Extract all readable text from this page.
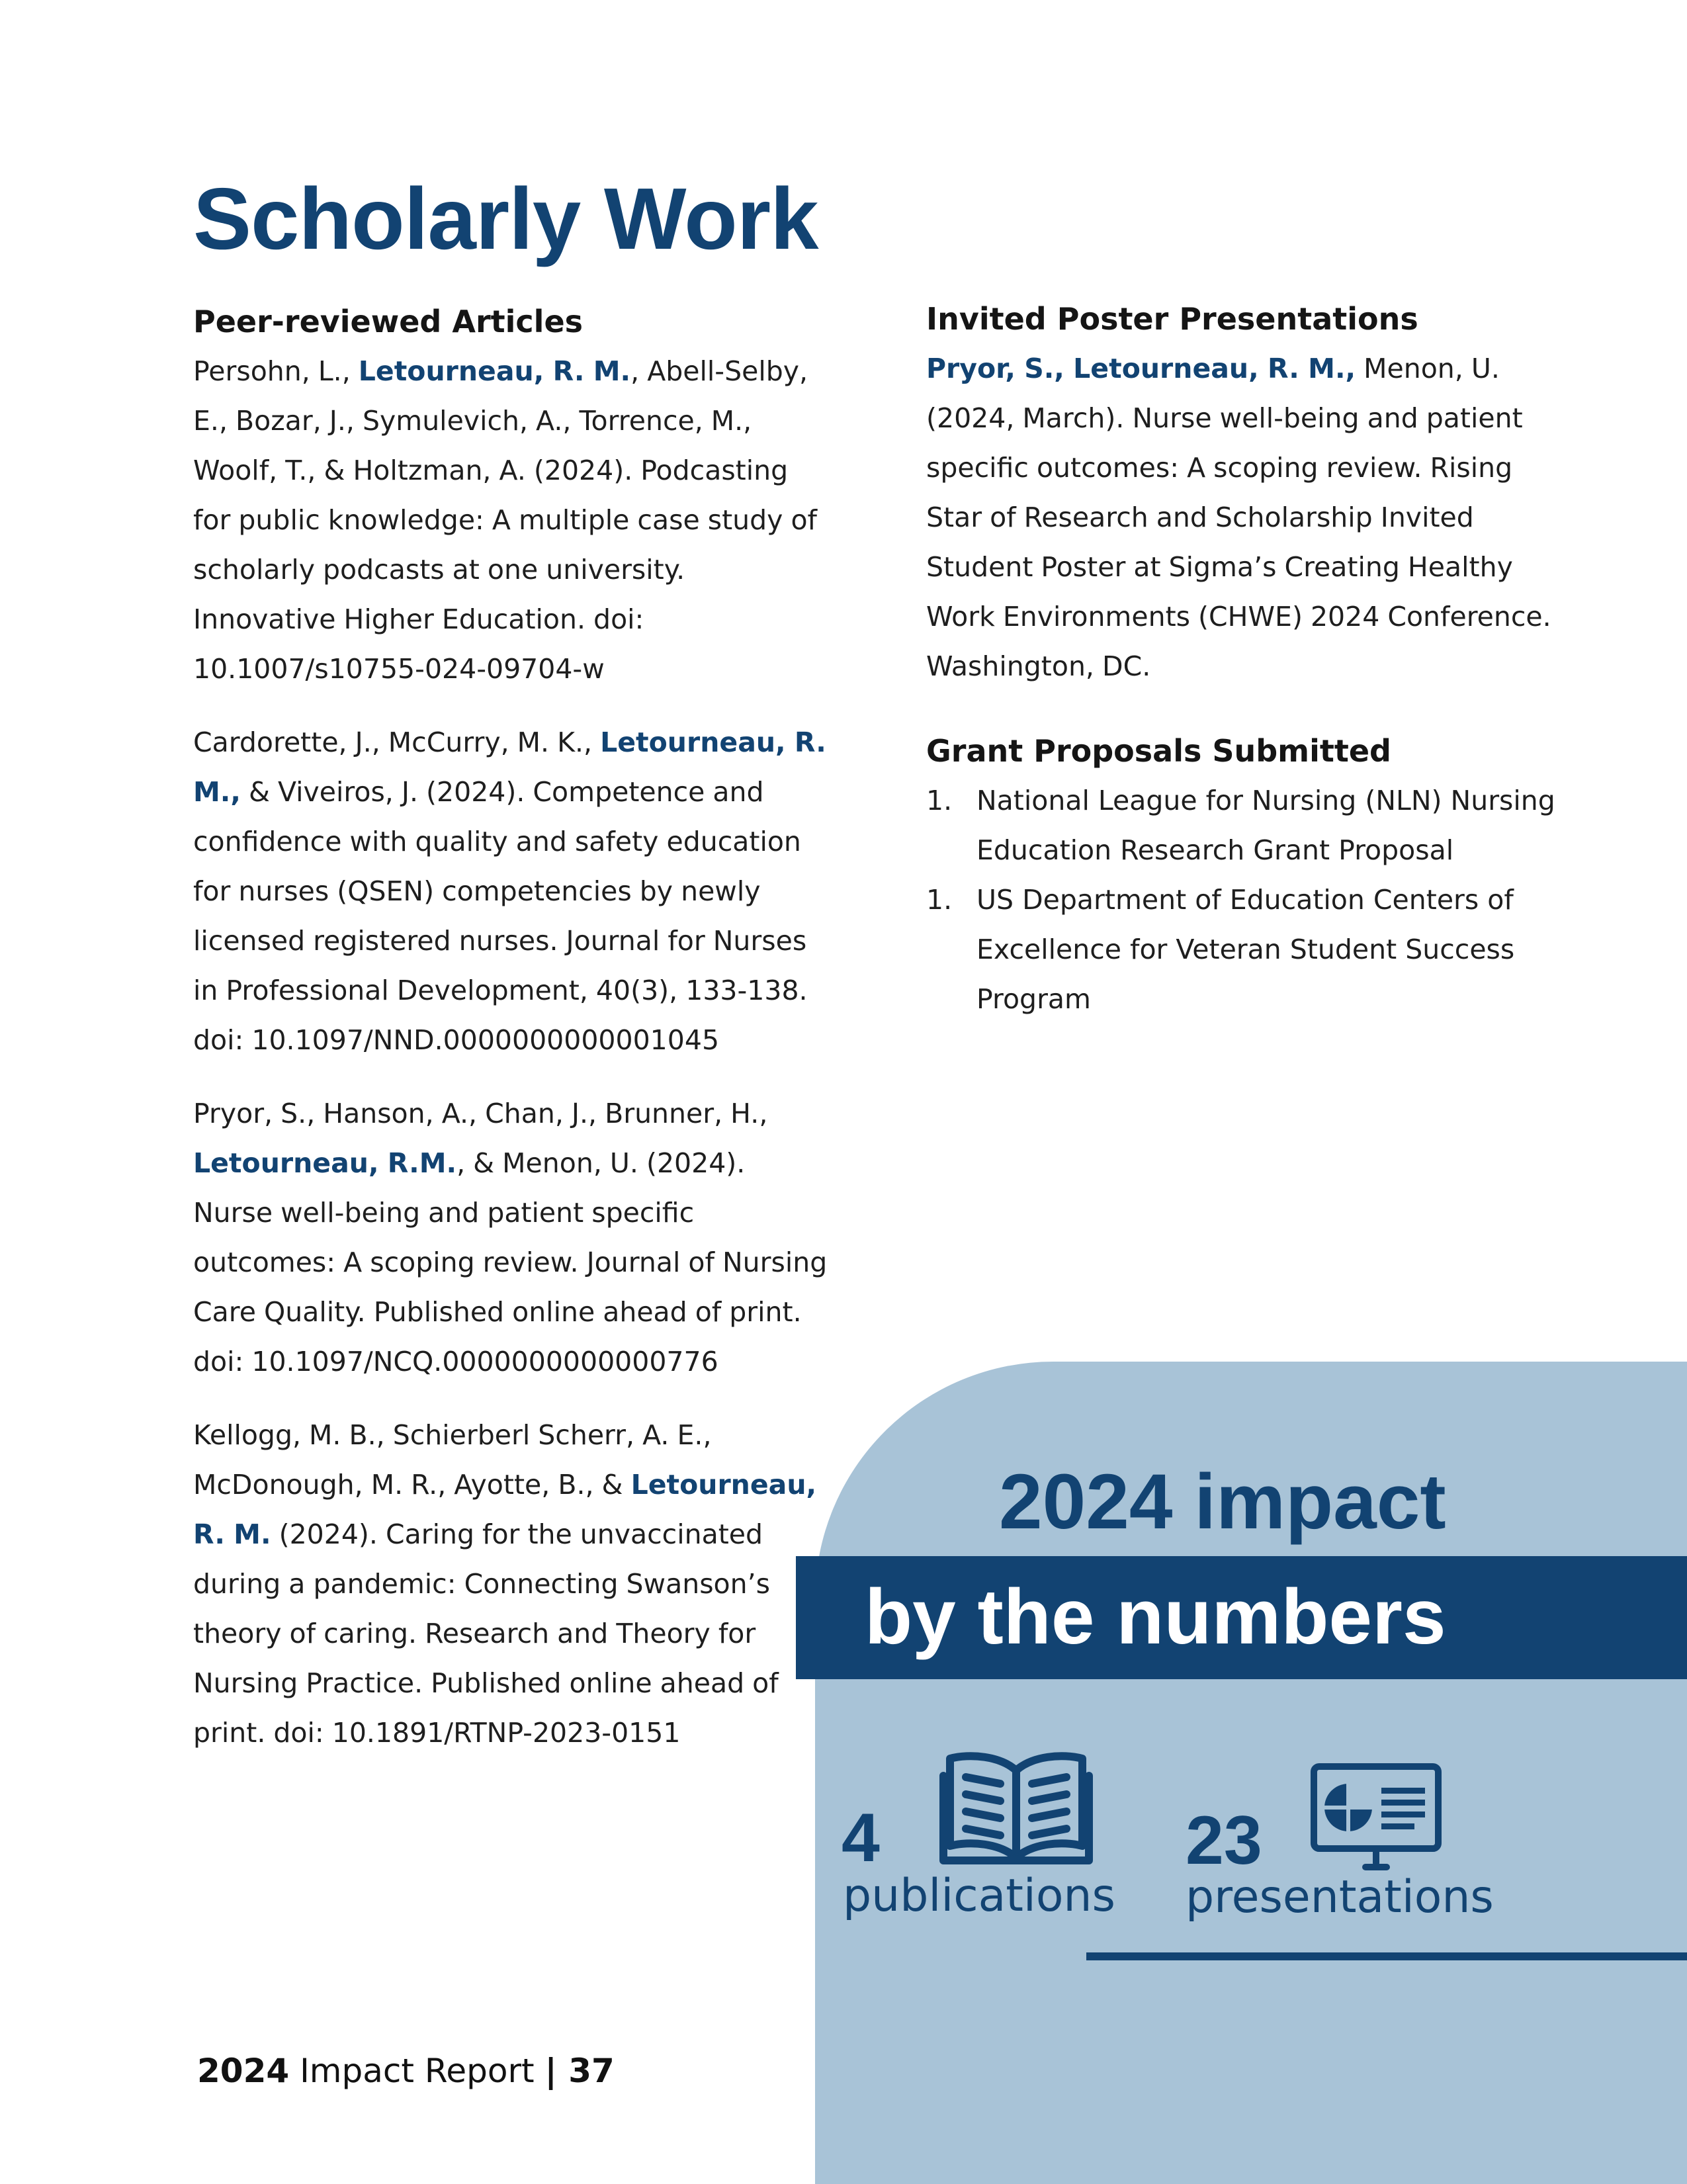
Scholarly Work
Peer-reviewed Articles

Persohn, L., Letourneau, R. M., Abell-Selby, E., Bozar, J., Symulevich, A., Torrence, M., Woolf, T., & Holtzman, A. (2024). Podcasting for public knowledge: A multiple case study of scholarly podcasts at one university. Innovative Higher Education. doi: 10.1007/s10755-024-09704-w

Cardorette, J., McCurry, M. K., Letourneau, R. M., & Viveiros, J. (2024). Competence and confidence with quality and safety education for nurses (QSEN) competencies by newly licensed registered nurses. Journal for Nurses in Professional Development, 40(3), 133-138. doi: 10.1097/NND.0000000000001045

Pryor, S., Hanson, A., Chan, J., Brunner, H., Letourneau, R.M., & Menon, U. (2024). Nurse well-being and patient specific outcomes: A scoping review. Journal of Nursing Care Quality. Published online ahead of print. doi: 10.1097/NCQ.0000000000000776

Kellogg, M. B., Schierberl Scherr, A. E., McDonough, M. R., Ayotte, B., & Letourneau, R. M. (2024). Caring for the unvaccinated during a pandemic: Connecting Swanson’s theory of caring. Research and Theory for Nursing Practice. Published online ahead of print. doi: 10.1891/RTNP-2023-0151

Invited Poster Presentations

Pryor, S., Letourneau, R. M., Menon, U. (2024, March). Nurse well-being and patient specific outcomes: A scoping review. Rising Star of Research and Scholarship Invited Student Poster at Sigma’s Creating Healthy Work Environments (CHWE) 2024 Conference. Washington, DC.

Grant Proposals Submitted
1. National League for Nursing (NLN) Nursing Education Research Grant Proposal
1. US Department of Education Centers of Excellence for Veteran Student Success Program

2024 impact

by the numbers

4

publications

23

presentations

2024 Impact Report | 37
